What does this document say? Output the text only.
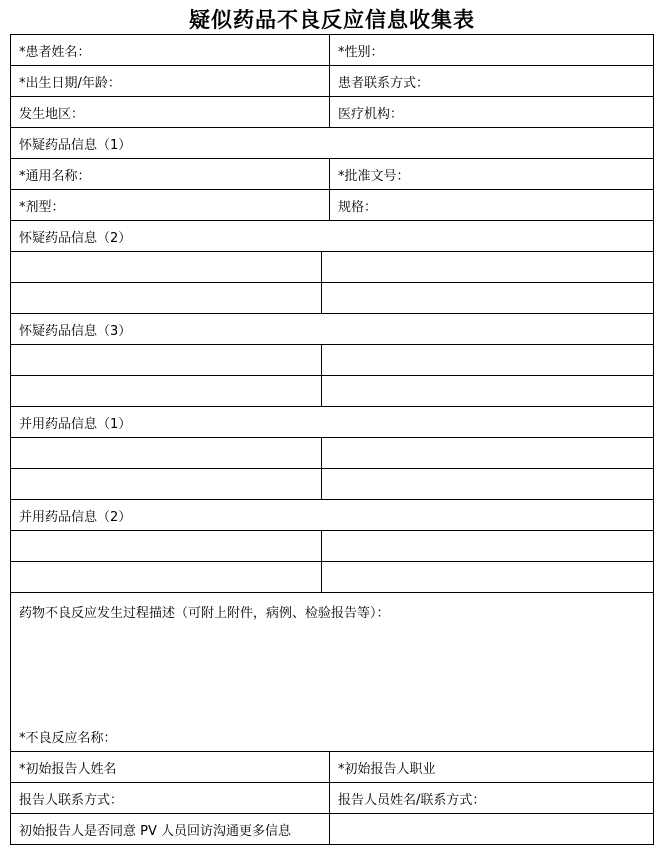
疑似药品不良反应信息收集表
*患者姓名：		*性别：
*出生日期/年龄：		患者联系方式：
发生地区：		医疗机构：
怀疑药品信息（1）		
*通用名称：		*批准文号：
*剂型：		规格：
怀疑药品信息（2）		

怀疑药品信息（3）		

并用药品信息（1）		

并用药品信息（2）		

药物不良反应发生过程描述（可附上附件，病例、检验报告等）：
*不良反应名称：		

*初始报告人姓名		*初始报告人职业
报告人联系方式：		报告人员姓名/联系方式：
初始报告人是否同意 PV 人员回访沟通更多信息		
